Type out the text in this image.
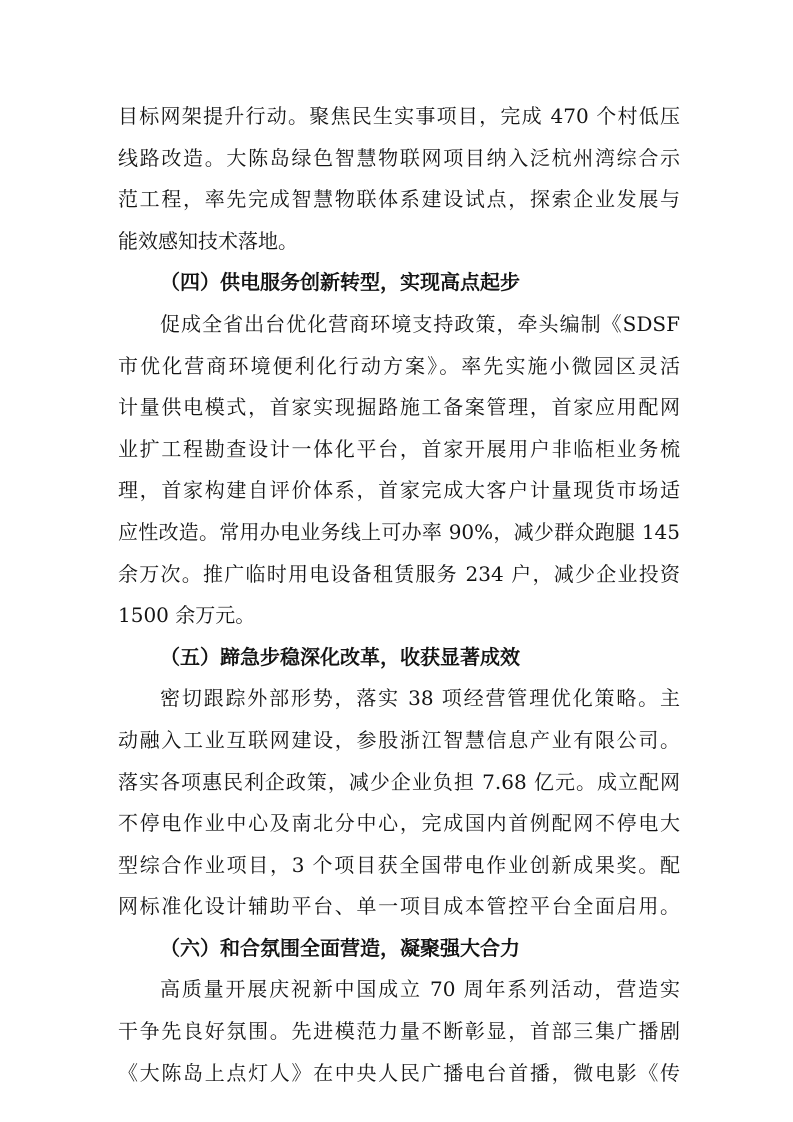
目标网架提升行动。聚焦民生实事项目，完成 470 个村低压
线路改造。大陈岛绿色智慧物联网项目纳入泛杭州湾综合示
范工程，率先完成智慧物联体系建设试点，探索企业发展与
能效感知技术落地。
（四）供电服务创新转型，实现高点起步
促成全省出台优化营商环境支持政策，牵头编制《SDSF
市优化营商环境便利化行动方案》。率先实施小微园区灵活
计量供电模式，首家实现掘路施工备案管理，首家应用配网
业扩工程勘查设计一体化平台，首家开展用户非临柜业务梳
理，首家构建自评价体系，首家完成大客户计量现货市场适
应性改造。常用办电业务线上可办率 90%，减少群众跑腿 145
余万次。推广临时用电设备租赁服务 234 户，减少企业投资
1500 余万元。
（五）蹄急步稳深化改革，收获显著成效
密切跟踪外部形势，落实 38 项经营管理优化策略。主
动融入工业互联网建设，参股浙江智慧信息产业有限公司。
落实各项惠民利企政策，减少企业负担 7.68 亿元。成立配网
不停电作业中心及南北分中心，完成国内首例配网不停电大
型综合作业项目，3 个项目获全国带电作业创新成果奖。配
网标准化设计辅助平台、单一项目成本管控平台全面启用。
（六）和合氛围全面营造，凝聚强大合力
高质量开展庆祝新中国成立 70 周年系列活动，营造实
干争先良好氛围。先进模范力量不断彰显，首部三集广播剧
《大陈岛上点灯人》在中央人民广播电台首播，微电影《传
